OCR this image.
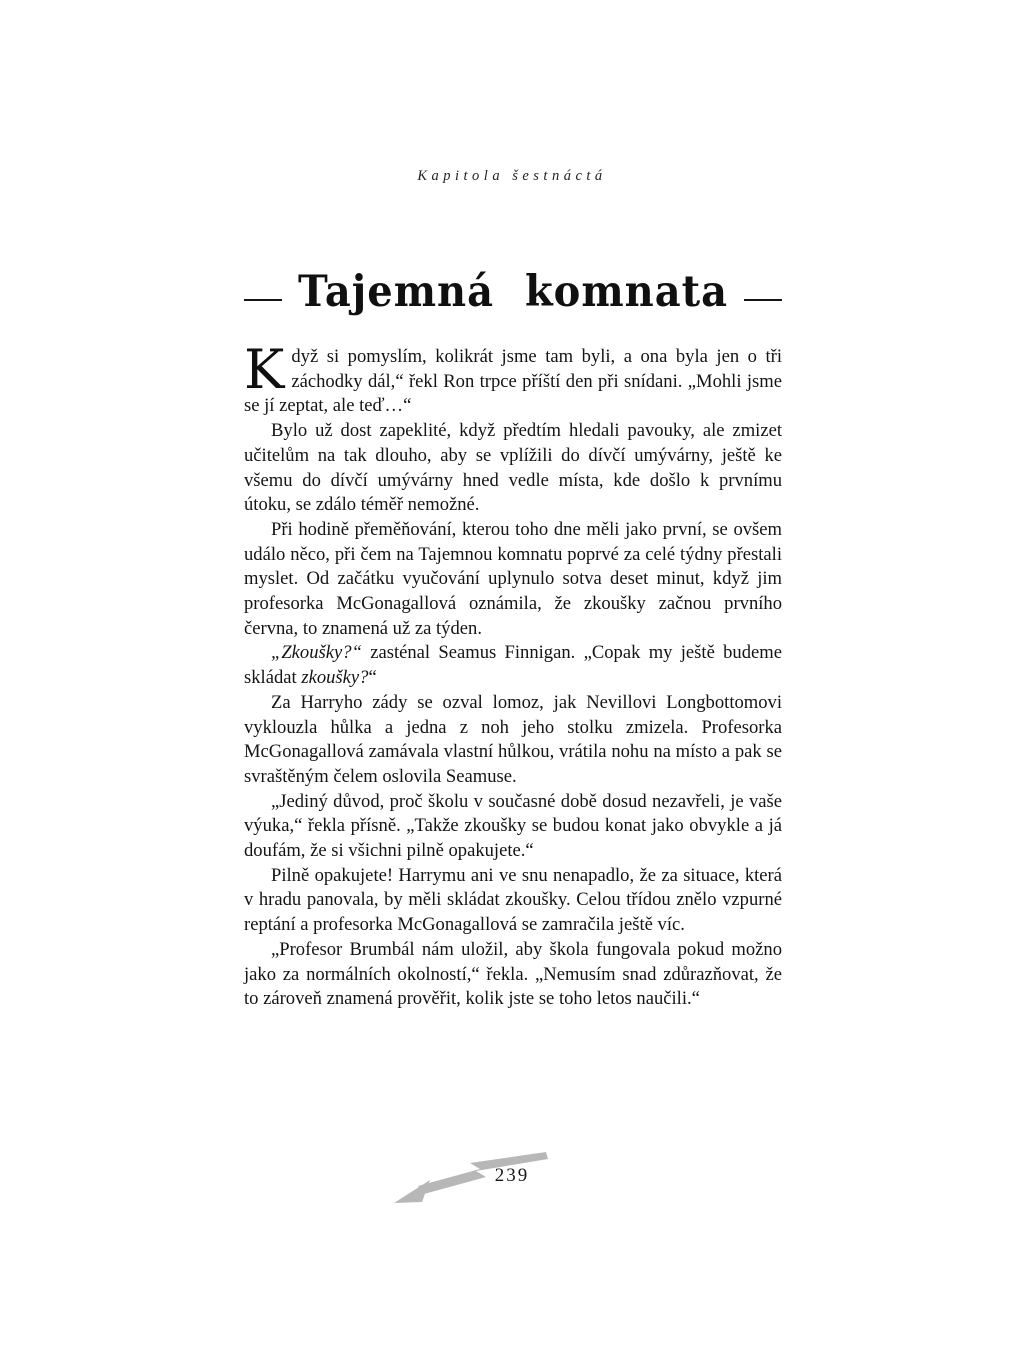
Kapitola šestnáctá
Tajemná komnata

Když si pomyslím, kolikrát jsme tam byli, a ona byla jen o tři záchodky dál,“ řekl Ron trpce příští den při snídani. „Mohli jsme se jí zeptat, ale teď…“

Bylo už dost zapeklité, když předtím hledali pavouky, ale zmizet učitelům na tak dlouho, aby se vplížili do dívčí umývárny, ještě ke všemu do dívčí umývárny hned vedle místa, kde došlo k prvnímu útoku, se zdálo téměř nemožné.

Při hodině přeměňování, kterou toho dne měli jako první, se ovšem událo něco, při čem na Tajemnou komnatu poprvé za celé týdny přestali myslet. Od začátku vyučování uplynulo sotva deset minut, když jim profesorka McGonagallová oznámila, že zkoušky začnou prvního června, to znamená už za týden.

„Zkoušky?“ zasténal Seamus Finnigan. „Copak my ještě budeme skládat zkoušky?“

Za Harryho zády se ozval lomoz, jak Nevillovi Longbottomovi vyklouzla hůlka a jedna z noh jeho stolku zmizela. Profesorka McGonagallová zamávala vlastní hůlkou, vrátila nohu na místo a pak se svraštěným čelem oslovila Seamuse.

„Jediný důvod, proč školu v současné době dosud nezavřeli, je vaše výuka,“ řekla přísně. „Takže zkoušky se budou konat jako obvykle a já doufám, že si všichni pilně opakujete.“

Pilně opakujete! Harrymu ani ve snu nenapadlo, že za situace, která v hradu panovala, by měli skládat zkoušky. Celou třídou znělo vzpurné reptání a profesorka McGonagallová se zamračila ještě víc.

„Profesor Brumbál nám uložil, aby škola fungovala pokud možno jako za normálních okolností,“ řekla. „Nemusím snad zdůrazňovat, že to zároveň znamená prověřit, kolik jste se toho letos naučili.“

239
